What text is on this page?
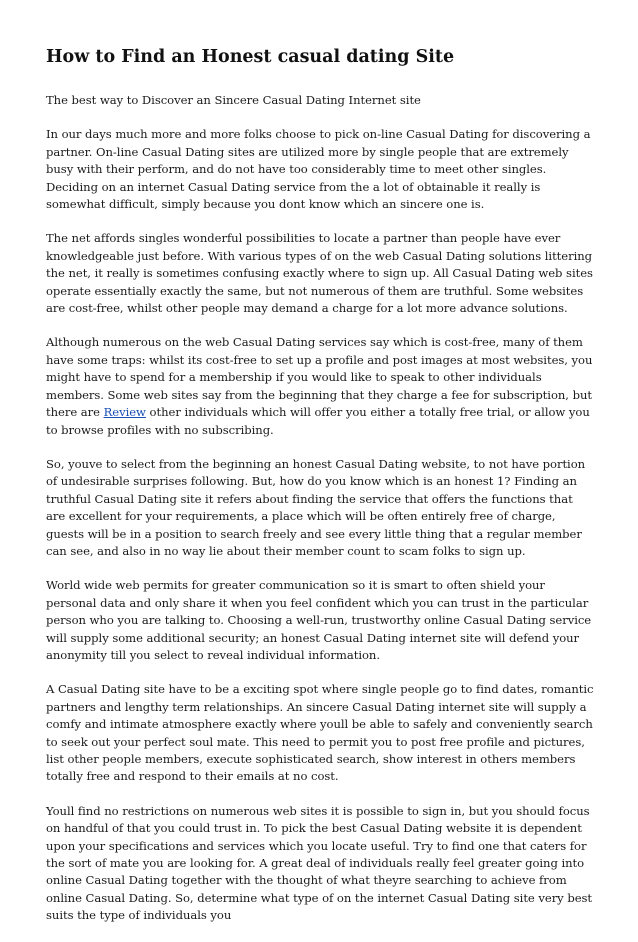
How to Find an Honest casual dating Site

The best way to Discover an Sincere Casual Dating Internet site

In our days much more and more folks choose to pick on-line Casual Dating for discovering a partner. On-line Casual Dating sites are utilized more by single people that are extremely busy with their perform, and do not have too considerably time to meet other singles. Deciding on an internet Casual Dating service from the a lot of obtainable it really is somewhat difficult, simply because you dont know which an sincere one is.

The net affords singles wonderful possibilities to locate a partner than people have ever knowledgeable just before. With various types of on the web Casual Dating solutions littering the net, it really is sometimes confusing exactly where to sign up. All Casual Dating web sites operate essentially exactly the same, but not numerous of them are truthful. Some websites are cost-free, whilst other people may demand a charge for a lot more advance solutions.

Although numerous on the web Casual Dating services say which is cost-free, many of them have some traps: whilst its cost-free to set up a profile and post images at most websites, you might have to spend for a membership if you would like to speak to other individuals members. Some web sites say from the beginning that they charge a fee for subscription, but there are Review other individuals which will offer you either a totally free trial, or allow you to browse profiles with no subscribing.

So, youve to select from the beginning an honest Casual Dating website, to not have portion of undesirable surprises following. But, how do you know which is an honest 1? Finding an truthful Casual Dating site it refers about finding the service that offers the functions that are excellent for your requirements, a place which will be often entirely free of charge, guests will be in a position to search freely and see every little thing that a regular member can see, and also in no way lie about their member count to scam folks to sign up.

World wide web permits for greater communication so it is smart to often shield your personal data and only share it when you feel confident which you can trust in the particular person who you are talking to. Choosing a well-run, trustworthy online Casual Dating service will supply some additional security; an honest Casual Dating internet site will defend your anonymity till you select to reveal individual information.

A Casual Dating site have to be a exciting spot where single people go to find dates, romantic partners and lengthy term relationships. An sincere Casual Dating internet site will supply a comfy and intimate atmosphere exactly where youll be able to safely and conveniently search to seek out your perfect soul mate. This need to permit you to post free profile and pictures, list other people members, execute sophisticated search, show interest in others members totally free and respond to their emails at no cost.

Youll find no restrictions on numerous web sites it is possible to sign in, but you should focus on handful of that you could trust in. To pick the best Casual Dating website it is dependent upon your specifications and services which you locate useful. Try to find one that caters for the sort of mate you are looking for. A great deal of individuals really feel greater going into online Casual Dating together with the thought of what theyre searching to achieve from online Casual Dating. So, determine what type of on the internet Casual Dating site very best suits the type of individuals you
